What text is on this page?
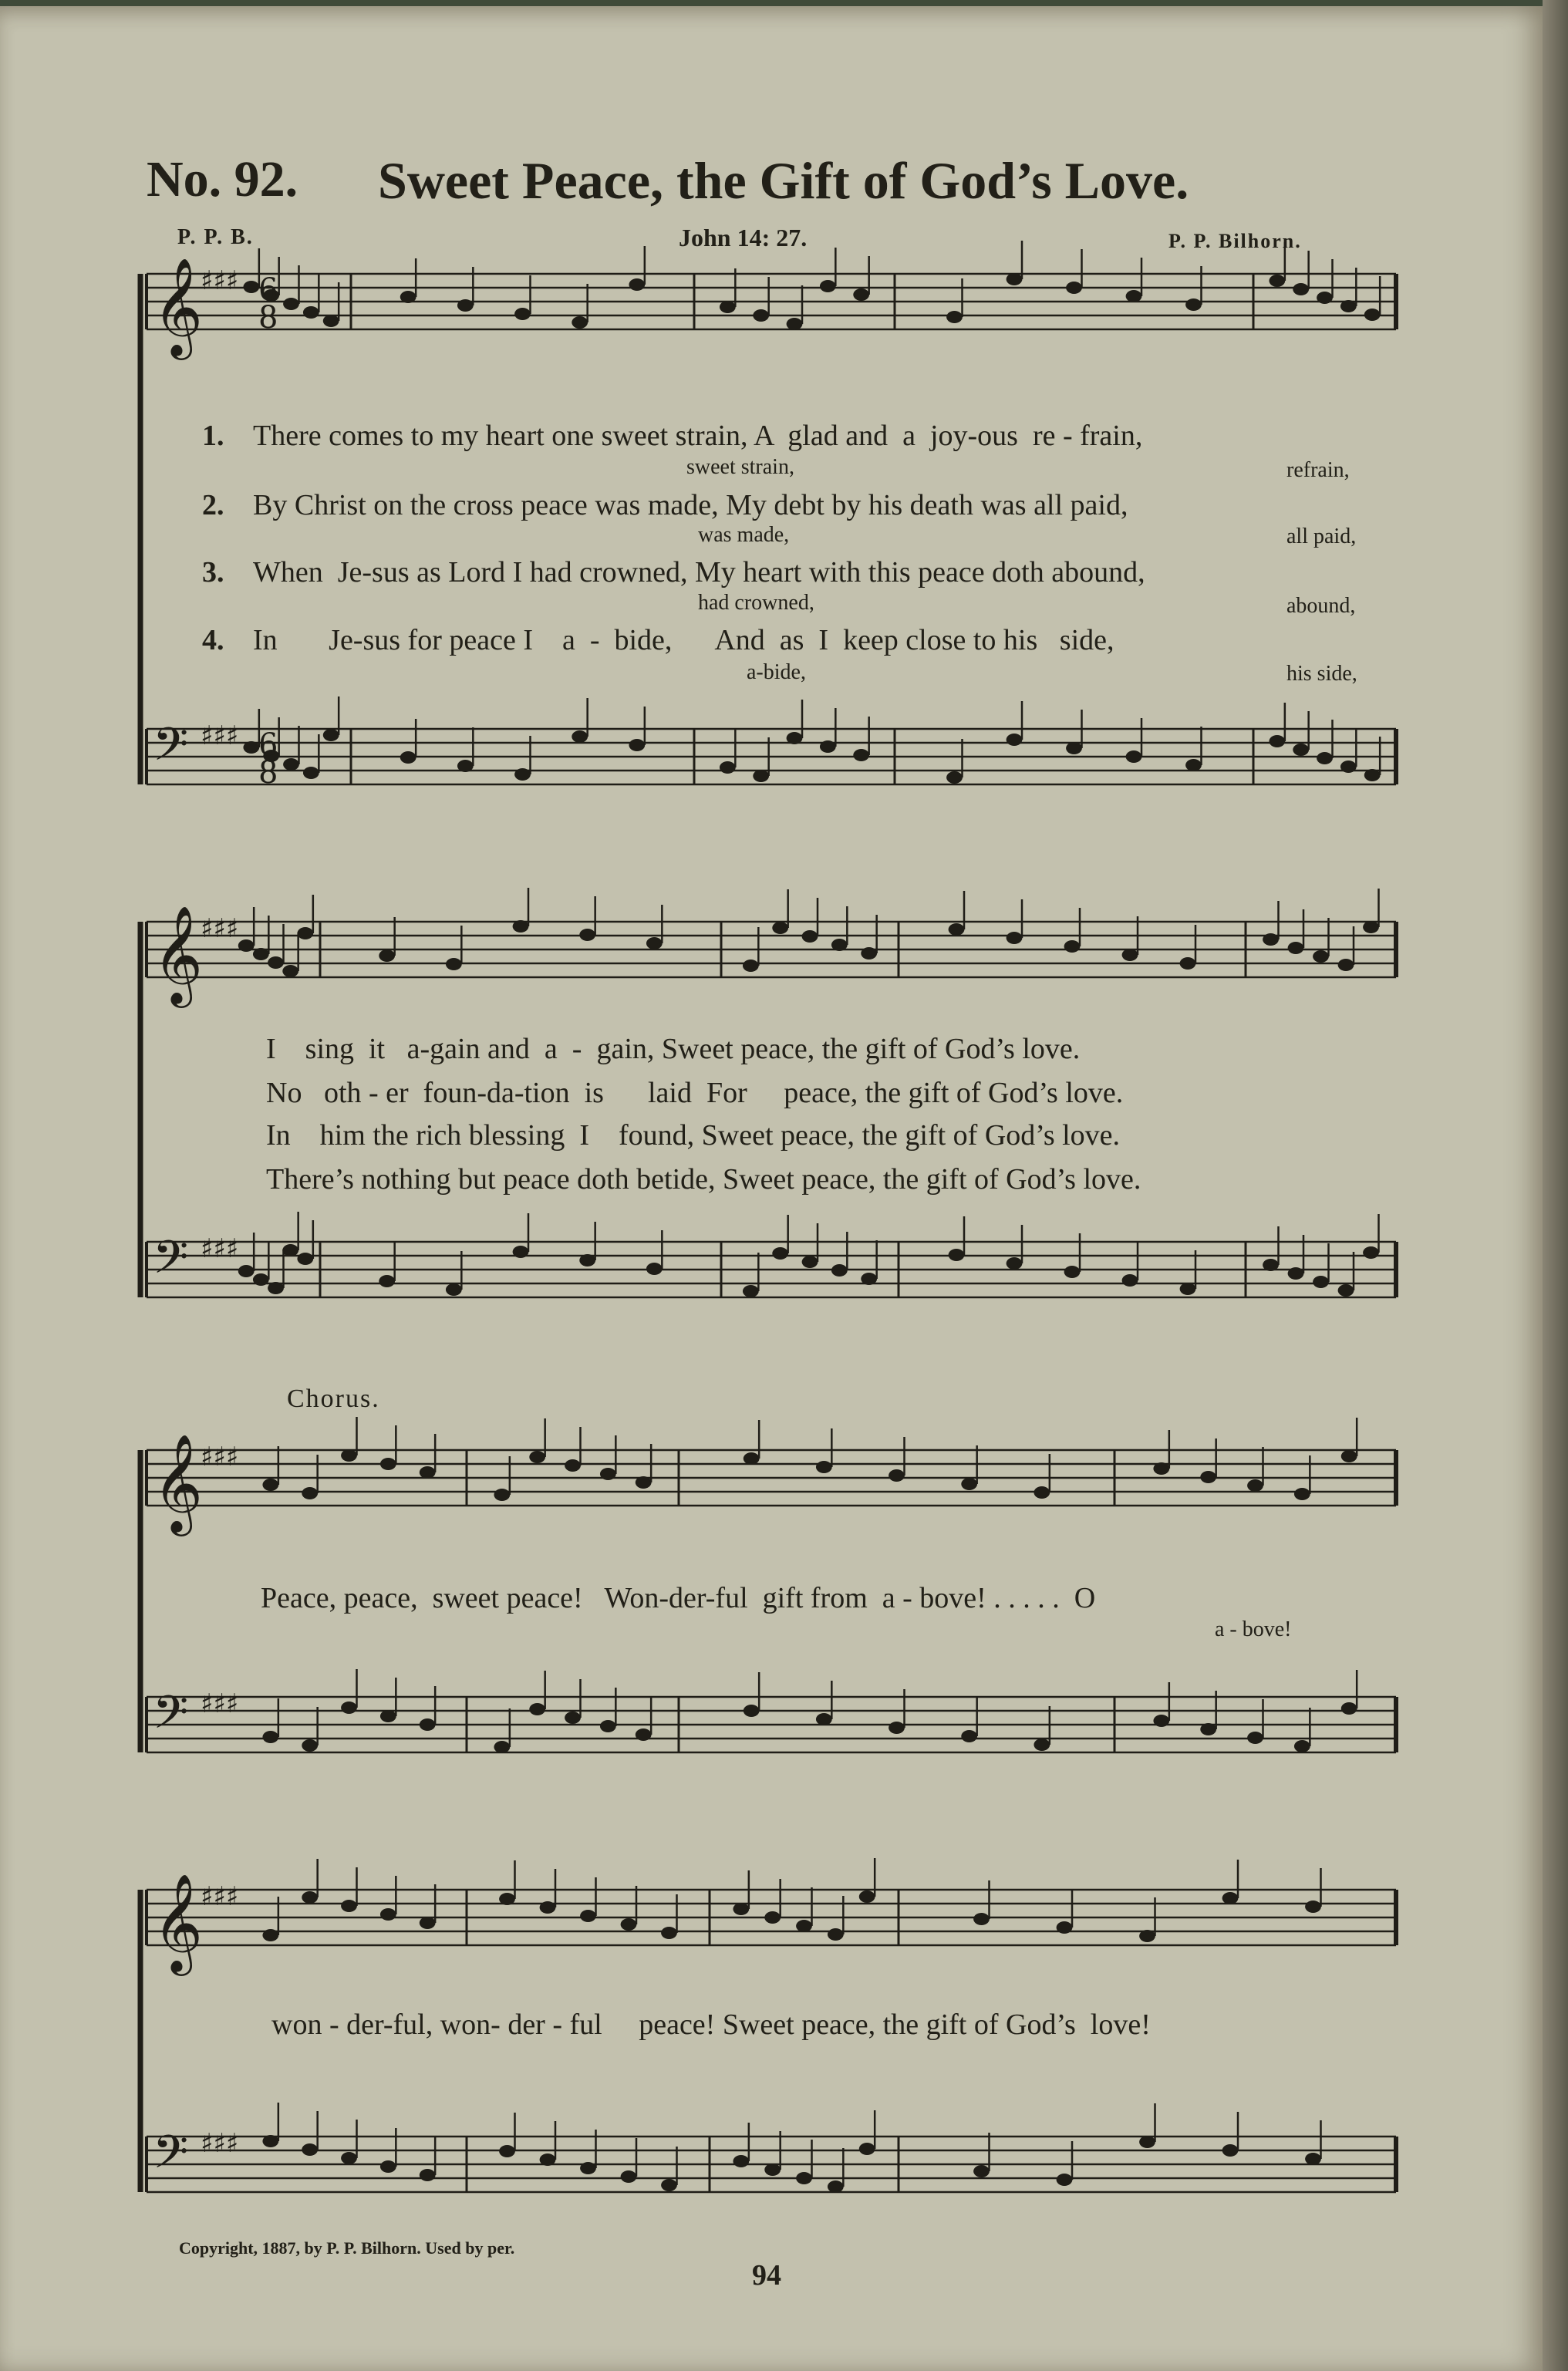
No. 92. Sweet Peace, the Gift of God’s Love.
P. P. B.	John 14: 27.	P. P. Bilhorn.
𝄞
♯♯♯
𝄢 ♯♯♯
𝄞
♯♯♯
𝄢 ♯♯♯
𝄞
♯♯♯
𝄢 ♯♯♯
𝄞
♯♯♯
𝄢 ♯♯♯
6
8
6
8
1. There comes to my heart one sweet strain, A  glad and  a  joy-ous  re - frain,
sweet strain,	refrain,
2. By Christ on the cross peace was made, My debt by his death was all paid,
was made,	all paid,
3. When  Je-sus as Lord I had crowned, My heart with this peace doth abound,
had crowned,	abound,
4. In       Je-sus for peace I    a  -  bide,      And  as  I  keep close to his   side,
a-bide,	his side,
I    sing  it   a-gain and  a  -  gain, Sweet peace, the gift of God’s love.
No   oth - er  foun-da-tion  is      laid  For     peace, the gift of God’s love.
In    him the rich blessing  I    found, Sweet peace, the gift of God’s love.
There’s nothing but peace doth betide, Sweet peace, the gift of God’s love.
Chorus.
Peace, peace,  sweet peace!   Won-der-ful  gift from  a - bove! . . . . .  O
a - bove!
won - der-ful, won- der - ful     peace! Sweet peace, the gift of God’s  love!
Copyright, 1887, by P. P. Bilhorn. Used by per.
94
